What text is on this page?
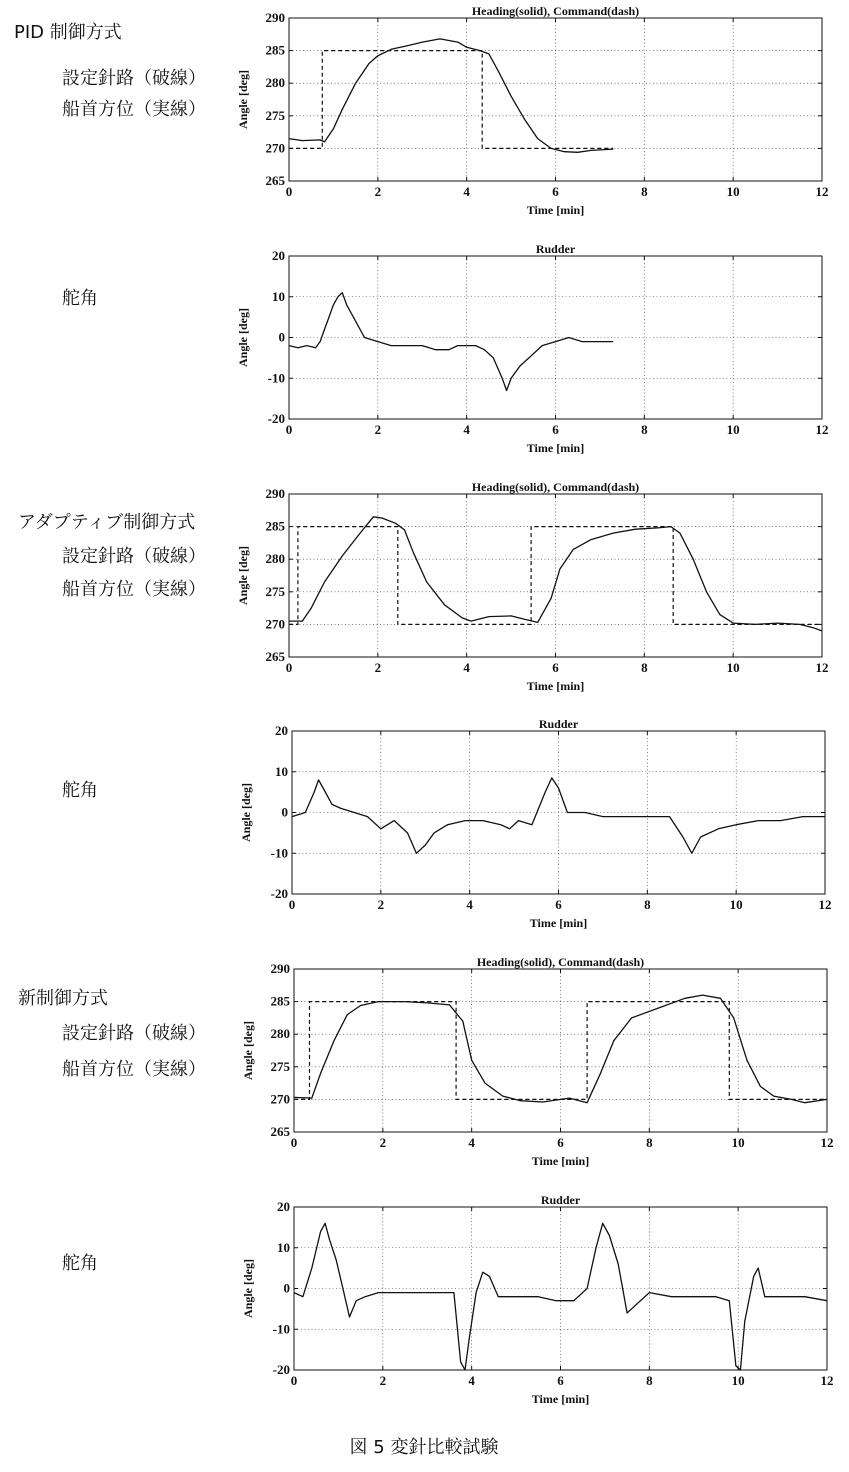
PID 制御方式
設定針路（破線）
船首方位（実線）
舵角
アダプティブ制御方式
設定針路（破線）
船首方位（実線）
舵角
新制御方式
設定針路（破線）
船首方位（実線）
舵角
0	2	4	6	8	10	12
265
270
275
280
285
290	Heading(solid), Command(dash)
Time [min]
Angle [deg]
0	2	4	6	8	10	12
-20
-10
0
10
20	Rudder
Time [min]
Angle [deg]
0	2	4	6	8	10	12
265
270
275
280
285
290	Heading(solid), Command(dash)
Time [min]
Angle [deg]
0	2	4	6	8	10	12
-20
-10
0
10
20	Rudder
Time [min]
Angle [deg]
0	2	4	6	8	10	12
265
270
275
280
285
290	Heading(solid), Command(dash)
Time [min]
Angle [deg]
0	2	4	6	8	10	12
-20
-10
0
10
20	Rudder
Time [min]
Angle [deg]
図 5 変針比較試験
